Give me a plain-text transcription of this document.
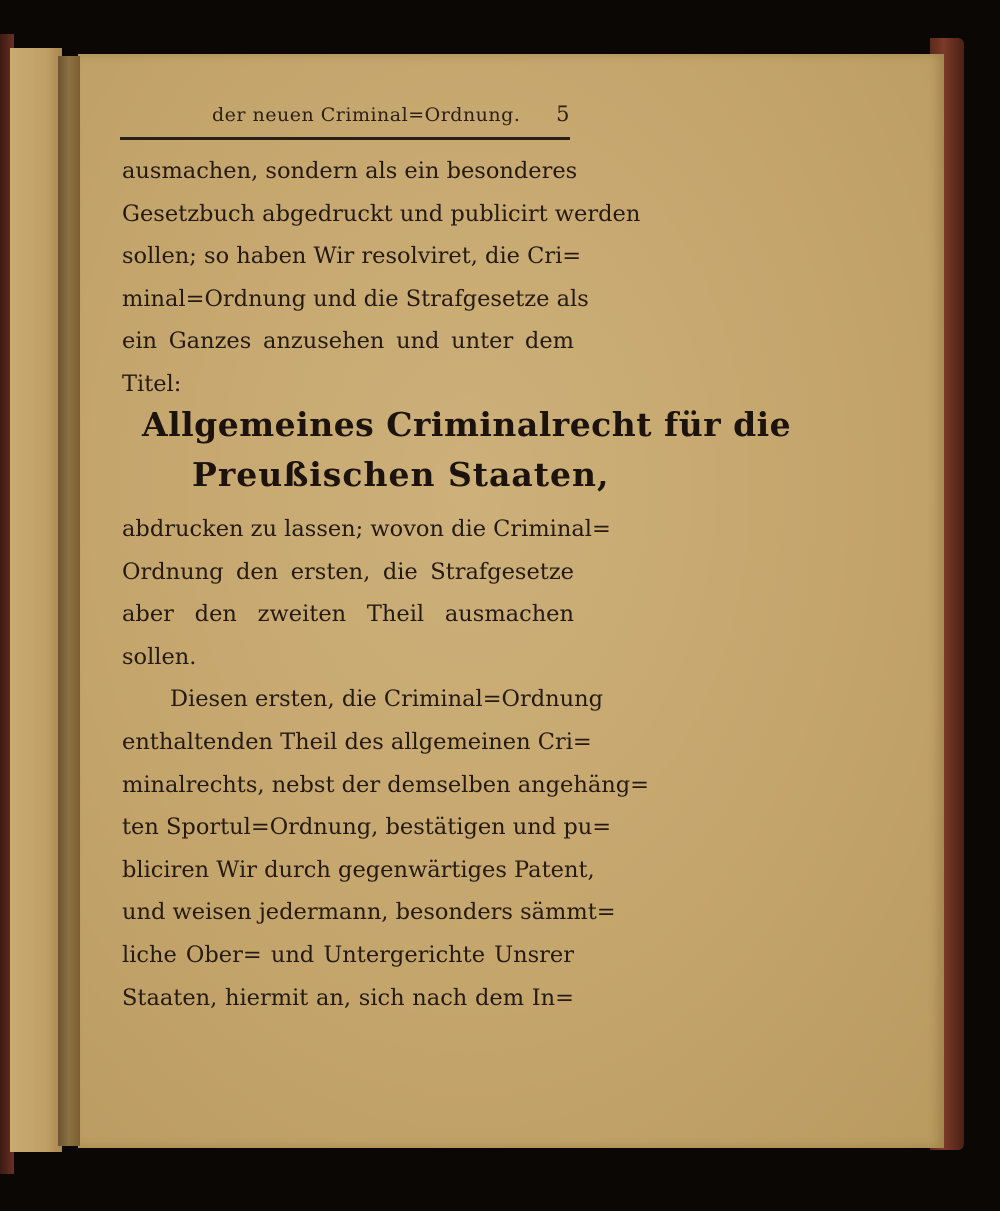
der neuen Criminal=Ordnung. 5
ausmachen, sondern als ein besonderes
Gesetzbuch abgedruckt und publicirt werden
sollen; so haben Wir resolviret, die Cri=
minal=Ordnung und die Strafgesetze als
ein Ganzes anzusehen und unter dem
Titel:
Allgemeines Criminalrecht für die
Preußischen Staaten,
abdrucken zu lassen; wovon die Criminal=
Ordnung den ersten, die Strafgesetze
aber den zweiten Theil ausmachen
sollen.
Diesen ersten, die Criminal=Ordnung
enthaltenden Theil des allgemeinen Cri=
minalrechts, nebst der demselben angehäng=
ten Sportul=Ordnung, bestätigen und pu=
bliciren Wir durch gegenwärtiges Patent,
und weisen jedermann, besonders sämmt=
liche Ober= und Untergerichte Unsrer
Staaten, hiermit an, sich nach dem In=
